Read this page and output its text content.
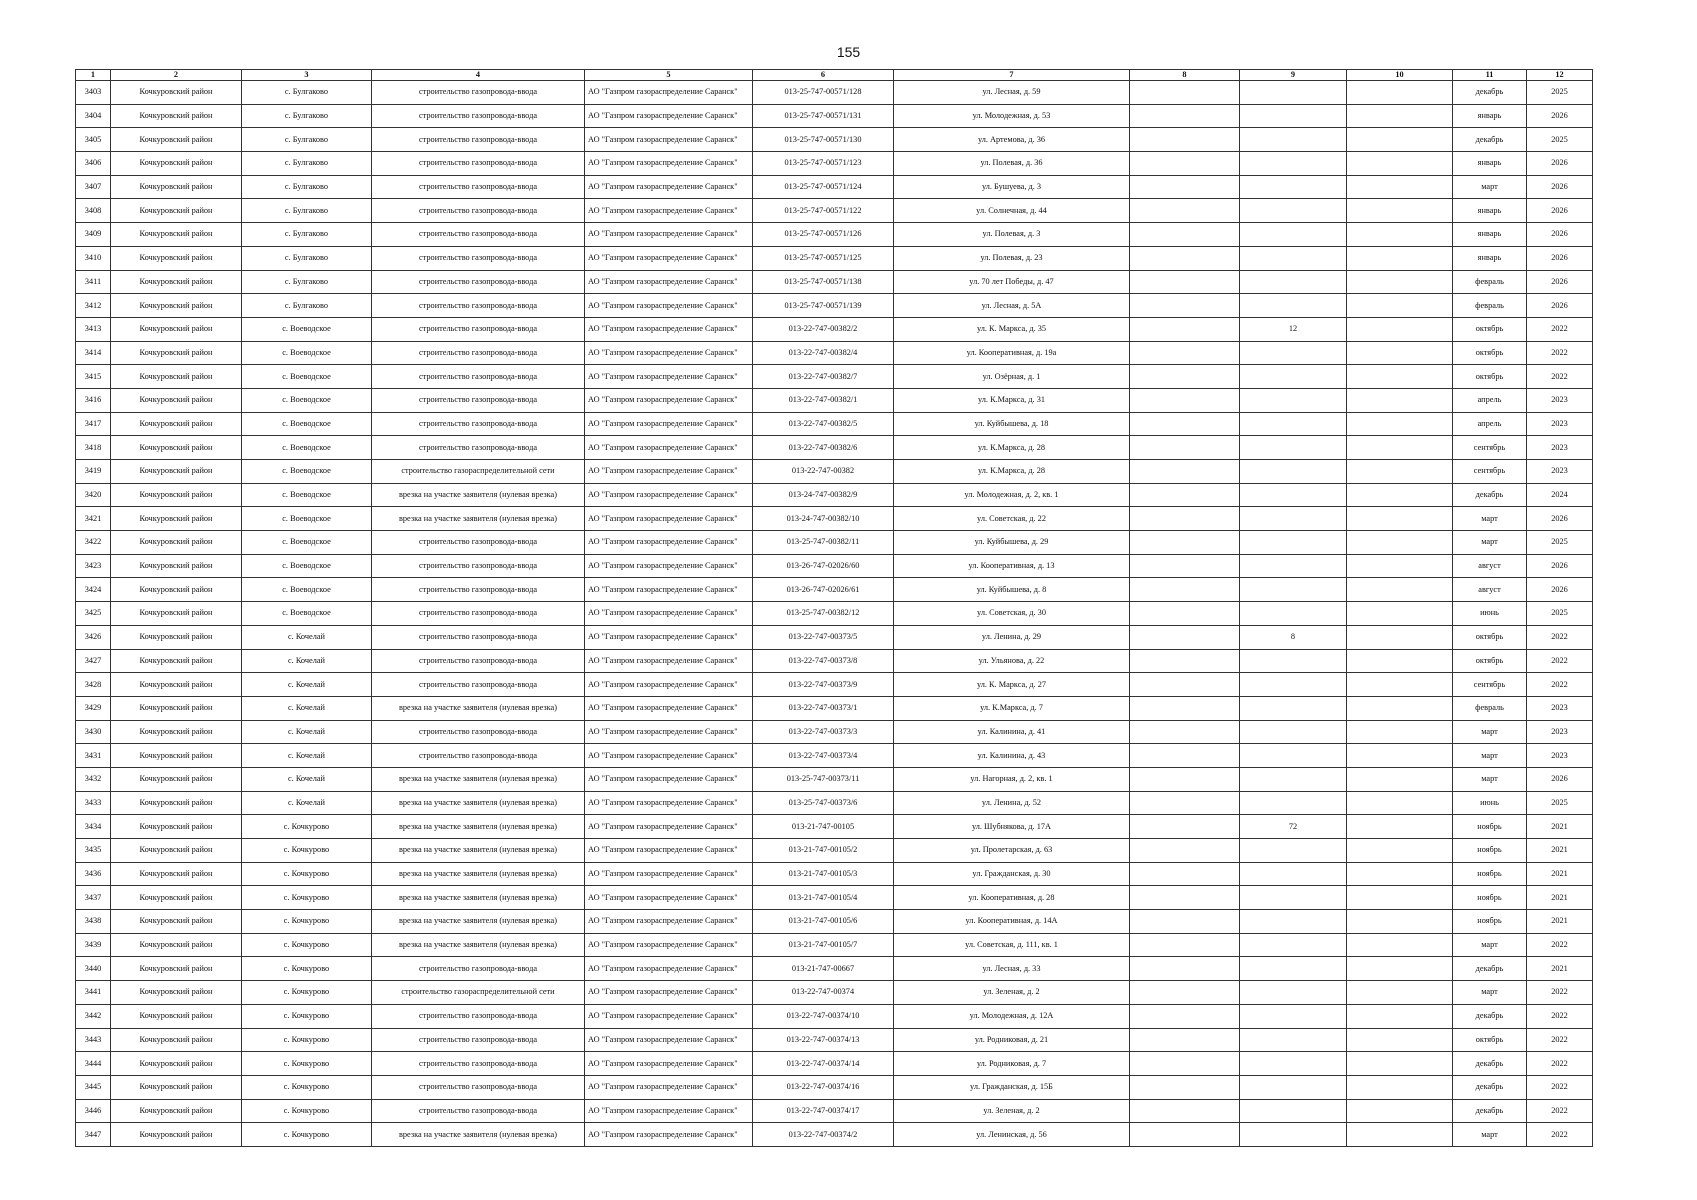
155
1	2	3	4	5	6	7	8	9	10	11	12
3403	Кочкуровский район	с. Булгаково	строительство газопровода-ввода	АО "Газпром газораспределение Саранск"	013-25-747-00571/128	ул. Лесная, д. 59				декабрь	2025
3404	Кочкуровский район	с. Булгаково	строительство газопровода-ввода	АО "Газпром газораспределение Саранск"	013-25-747-00571/131	ул. Молодежная, д. 53				январь	2026
3405	Кочкуровский район	с. Булгаково	строительство газопровода-ввода	АО "Газпром газораспределение Саранск"	013-25-747-00571/130	ул. Артемова, д. 36				декабрь	2025
3406	Кочкуровский район	с. Булгаково	строительство газопровода-ввода	АО "Газпром газораспределение Саранск"	013-25-747-00571/123	ул. Полевая, д. 36				январь	2026
3407	Кочкуровский район	с. Булгаково	строительство газопровода-ввода	АО "Газпром газораспределение Саранск"	013-25-747-00571/124	ул. Бушуева, д. 3				март	2026
3408	Кочкуровский район	с. Булгаково	строительство газопровода-ввода	АО "Газпром газораспределение Саранск"	013-25-747-00571/122	ул. Солнечная, д. 44				январь	2026
3409	Кочкуровский район	с. Булгаково	строительство газопровода-ввода	АО "Газпром газораспределение Саранск"	013-25-747-00571/126	ул. Полевая, д. 3				январь	2026
3410	Кочкуровский район	с. Булгаково	строительство газопровода-ввода	АО "Газпром газораспределение Саранск"	013-25-747-00571/125	ул. Полевая, д. 23				январь	2026
3411	Кочкуровский район	с. Булгаково	строительство газопровода-ввода	АО "Газпром газораспределение Саранск"	013-25-747-00571/138	ул. 70 лет Победы, д. 47				февраль	2026
3412	Кочкуровский район	с. Булгаково	строительство газопровода-ввода	АО "Газпром газораспределение Саранск"	013-25-747-00571/139	ул. Лесная, д. 5А				февраль	2026
3413	Кочкуровский район	с. Воеводское	строительство газопровода-ввода	АО "Газпром газораспределение Саранск"	013-22-747-00382/2	ул. К. Маркса, д. 35		12		октябрь	2022
3414	Кочкуровский район	с. Воеводское	строительство газопровода-ввода	АО "Газпром газораспределение Саранск"	013-22-747-00382/4	ул. Кооперативная, д. 19а				октябрь	2022
3415	Кочкуровский район	с. Воеводское	строительство газопровода-ввода	АО "Газпром газораспределение Саранск"	013-22-747-00382/7	ул. Озёрная, д. 1				октябрь	2022
3416	Кочкуровский район	с. Воеводское	строительство газопровода-ввода	АО "Газпром газораспределение Саранск"	013-22-747-00382/1	ул. К.Маркса, д. 31				апрель	2023
3417	Кочкуровский район	с. Воеводское	строительство газопровода-ввода	АО "Газпром газораспределение Саранск"	013-22-747-00382/5	ул. Куйбышева, д. 18				апрель	2023
3418	Кочкуровский район	с. Воеводское	строительство газопровода-ввода	АО "Газпром газораспределение Саранск"	013-22-747-00382/6	ул. К.Маркса, д. 28				сентябрь	2023
3419	Кочкуровский район	с. Воеводское	строительство газораспределительной сети	АО "Газпром газораспределение Саранск"	013-22-747-00382	ул. К.Маркса, д. 28				сентябрь	2023
3420	Кочкуровский район	с. Воеводское	врезка на участке заявителя (нулевая врезка)	АО "Газпром газораспределение Саранск"	013-24-747-00382/9	ул. Молодежная, д. 2, кв. 1				декабрь	2024
3421	Кочкуровский район	с. Воеводское	врезка на участке заявителя (нулевая врезка)	АО "Газпром газораспределение Саранск"	013-24-747-00382/10	ул. Советская, д. 22				март	2026
3422	Кочкуровский район	с. Воеводское	строительство газопровода-ввода	АО "Газпром газораспределение Саранск"	013-25-747-00382/11	ул. Куйбышева, д. 29				март	2025
3423	Кочкуровский район	с. Воеводское	строительство газопровода-ввода	АО "Газпром газораспределение Саранск"	013-26-747-02026/60	ул. Кооперативная, д. 13				август	2026
3424	Кочкуровский район	с. Воеводское	строительство газопровода-ввода	АО "Газпром газораспределение Саранск"	013-26-747-02026/61	ул. Куйбышева, д. 8				август	2026
3425	Кочкуровский район	с. Воеводское	строительство газопровода-ввода	АО "Газпром газораспределение Саранск"	013-25-747-00382/12	ул. Советская, д. 30				июнь	2025
3426	Кочкуровский район	с. Кочелай	строительство газопровода-ввода	АО "Газпром газораспределение Саранск"	013-22-747-00373/5	ул. Ленина, д. 29		8		октябрь	2022
3427	Кочкуровский район	с. Кочелай	строительство газопровода-ввода	АО "Газпром газораспределение Саранск"	013-22-747-00373/8	ул. Ульянова, д. 22				октябрь	2022
3428	Кочкуровский район	с. Кочелай	строительство газопровода-ввода	АО "Газпром газораспределение Саранск"	013-22-747-00373/9	ул. К. Маркса, д. 27				сентябрь	2022
3429	Кочкуровский район	с. Кочелай	врезка на участке заявителя (нулевая врезка)	АО "Газпром газораспределение Саранск"	013-22-747-00373/1	ул. К.Маркса, д. 7				февраль	2023
3430	Кочкуровский район	с. Кочелай	строительство газопровода-ввода	АО "Газпром газораспределение Саранск"	013-22-747-00373/3	ул. Калинина, д. 41				март	2023
3431	Кочкуровский район	с. Кочелай	строительство газопровода-ввода	АО "Газпром газораспределение Саранск"	013-22-747-00373/4	ул. Калинина, д. 43				март	2023
3432	Кочкуровский район	с. Кочелай	врезка на участке заявителя (нулевая врезка)	АО "Газпром газораспределение Саранск"	013-25-747-00373/11	ул. Нагорная, д. 2, кв. 1				март	2026
3433	Кочкуровский район	с. Кочелай	врезка на участке заявителя (нулевая врезка)	АО "Газпром газораспределение Саранск"	013-25-747-00373/6	ул. Ленина, д. 52				июнь	2025
3434	Кочкуровский район	с. Кочкурово	врезка на участке заявителя (нулевая врезка)	АО "Газпром газораспределение Саранск"	013-21-747-00105	ул. Шубнякова, д. 17А		72		ноябрь	2021
3435	Кочкуровский район	с. Кочкурово	врезка на участке заявителя (нулевая врезка)	АО "Газпром газораспределение Саранск"	013-21-747-00105/2	ул. Пролетарская, д. 63				ноябрь	2021
3436	Кочкуровский район	с. Кочкурово	врезка на участке заявителя (нулевая врезка)	АО "Газпром газораспределение Саранск"	013-21-747-00105/3	ул. Гражданская, д. 30				ноябрь	2021
3437	Кочкуровский район	с. Кочкурово	врезка на участке заявителя (нулевая врезка)	АО "Газпром газораспределение Саранск"	013-21-747-00105/4	ул. Кооперативная, д. 28				ноябрь	2021
3438	Кочкуровский район	с. Кочкурово	врезка на участке заявителя (нулевая врезка)	АО "Газпром газораспределение Саранск"	013-21-747-00105/6	ул. Кооперативная, д. 14А				ноябрь	2021
3439	Кочкуровский район	с. Кочкурово	врезка на участке заявителя (нулевая врезка)	АО "Газпром газораспределение Саранск"	013-21-747-00105/7	ул. Советская, д. 111, кв. 1				март	2022
3440	Кочкуровский район	с. Кочкурово	строительство газопровода-ввода	АО "Газпром газораспределение Саранск"	013-21-747-00667	ул. Лесная, д. 33				декабрь	2021
3441	Кочкуровский район	с. Кочкурово	строительство газораспределительной сети	АО "Газпром газораспределение Саранск"	013-22-747-00374	ул. Зеленая, д. 2				март	2022
3442	Кочкуровский район	с. Кочкурово	строительство газопровода-ввода	АО "Газпром газораспределение Саранск"	013-22-747-00374/10	ул. Молодежная, д. 12А				декабрь	2022
3443	Кочкуровский район	с. Кочкурово	строительство газопровода-ввода	АО "Газпром газораспределение Саранск"	013-22-747-00374/13	ул. Родниковая, д. 21				октябрь	2022
3444	Кочкуровский район	с. Кочкурово	строительство газопровода-ввода	АО "Газпром газораспределение Саранск"	013-22-747-00374/14	ул. Родниковая, д. 7				декабрь	2022
3445	Кочкуровский район	с. Кочкурово	строительство газопровода-ввода	АО "Газпром газораспределение Саранск"	013-22-747-00374/16	ул. Гражданская, д. 15Б				декабрь	2022
3446	Кочкуровский район	с. Кочкурово	строительство газопровода-ввода	АО "Газпром газораспределение Саранск"	013-22-747-00374/17	ул. Зеленая, д. 2				декабрь	2022
3447	Кочкуровский район	с. Кочкурово	врезка на участке заявителя (нулевая врезка)	АО "Газпром газораспределение Саранск"	013-22-747-00374/2	ул. Ленинская, д. 56				март	2022
